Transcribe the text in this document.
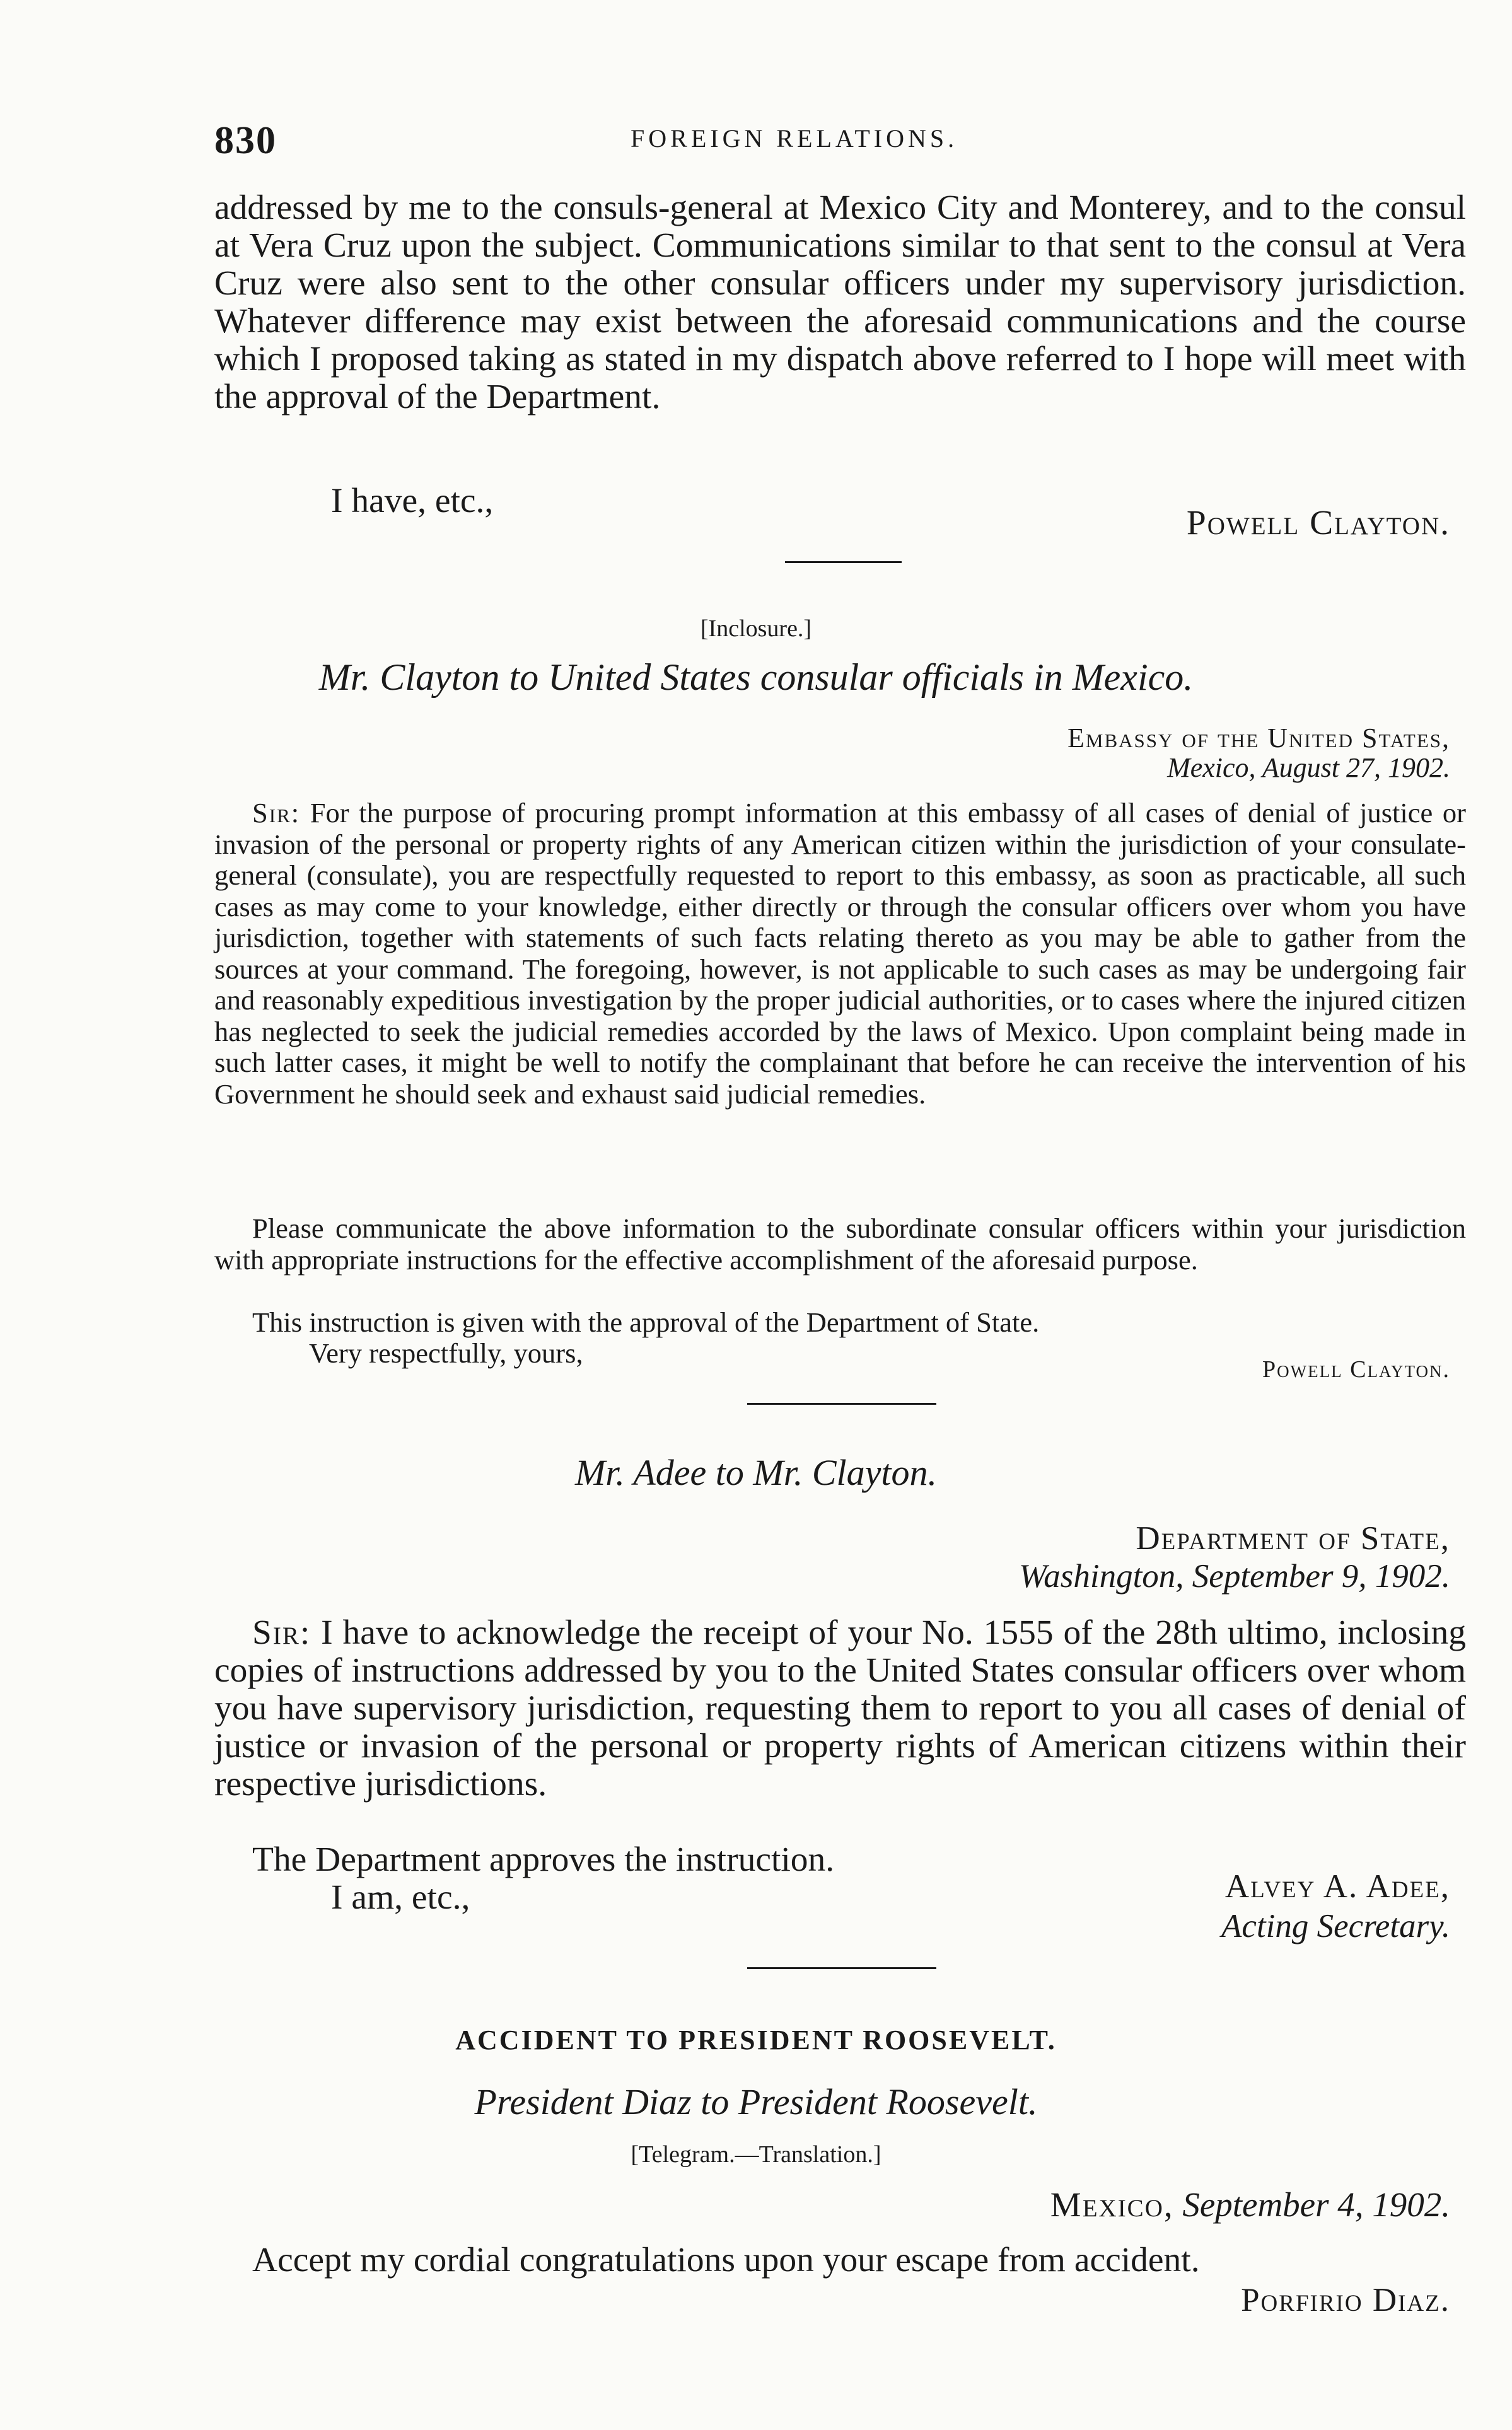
830	FOREIGN RELATIONS.

addressed by me to the consuls-general at Mexico City and Monterey, and to the consul at Vera Cruz upon the subject. Communications similar to that sent to the consul at Vera Cruz were also sent to the other consular officers under my supervisory jurisdiction. Whatever difference may exist between the aforesaid communications and the course which I proposed taking as stated in my dispatch above referred to I hope will meet with the approval of the Department.

I have, etc.,
Powell Clayton.
[Inclosure.]
Mr. Clayton to United States consular officials in Mexico.
Embassy of the United States,
Mexico, August 27, 1902.

Sir: For the purpose of procuring prompt information at this embassy of all cases of denial of justice or invasion of the personal or property rights of any American citizen within the jurisdiction of your consulate-general (consulate), you are respectfully requested to report to this embassy, as soon as practicable, all such cases as may come to your knowledge, either directly or through the consular officers over whom you have jurisdiction, together with statements of such facts relating thereto as you may be able to gather from the sources at your command. The foregoing, however, is not applicable to such cases as may be undergoing fair and reasonably expeditious investigation by the proper judicial authorities, or to cases where the injured citizen has neglected to seek the judicial remedies accorded by the laws of Mexico. Upon complaint being made in such latter cases, it might be well to notify the complainant that before he can receive the intervention of his Government he should seek and exhaust said judicial remedies.

Please communicate the above information to the subordinate consular officers within your jurisdiction with appropriate instructions for the effective accomplishment of the aforesaid purpose.

This instruction is given with the approval of the Department of State.

Very respectfully, yours,
Powell Clayton.
Mr. Adee to Mr. Clayton.
Department of State,
Washington, September 9, 1902.

Sir: I have to acknowledge the receipt of your No. 1555 of the 28th ultimo, inclosing copies of instructions addressed by you to the United States consular officers over whom you have supervisory jurisdiction, requesting them to report to you all cases of denial of justice or invasion of the personal or property rights of American citizens within their respective jurisdictions.

The Department approves the instruction.

I am, etc.,	Alvey A. Adee,
Acting Secretary.
ACCIDENT TO PRESIDENT ROOSEVELT.
President Diaz to President Roosevelt.
[Telegram.—Translation.]
Mexico, September 4, 1902.

Accept my cordial congratulations upon your escape from accident.

Porfirio Diaz.
